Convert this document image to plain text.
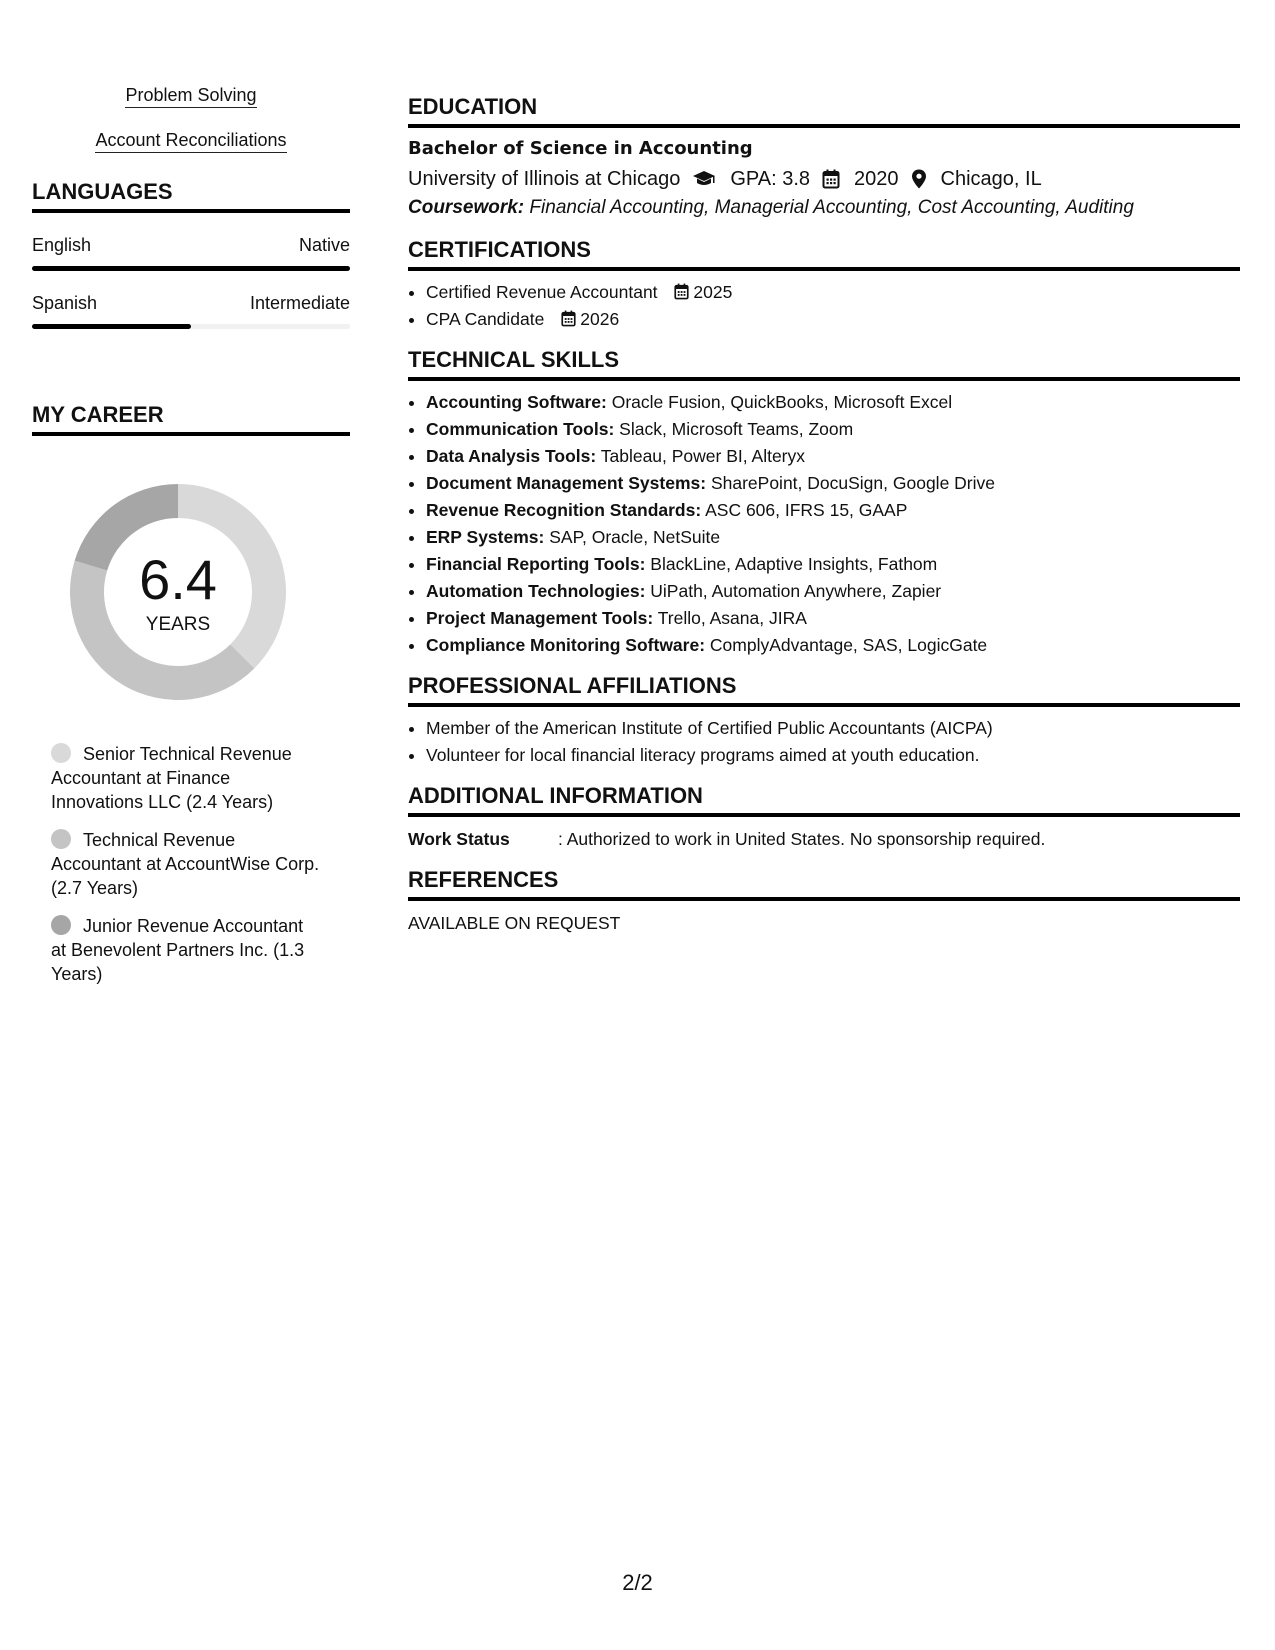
Problem Solving
Account Reconciliations
LANGUAGES
English	Native
Spanish	Intermediate
MY CAREER
6.4
YEARS
Senior Technical Revenue Accountant at Finance Innovations LLC (2.4 Years)
Technical Revenue Accountant at AccountWise Corp. (2.7 Years)
Junior Revenue Accountant at Benevolent Partners Inc. (1.3 Years)
EDUCATION
Bachelor of Science in Accounting
University of Illinois at Chicago	GPA: 3.8 2020 Chicago, IL
Coursework: Financial Accounting, Managerial Accounting, Cost Accounting, Auditing
CERTIFICATIONS
• Certified Revenue Accountant 2025
• CPA Candidate 2026
TECHNICAL SKILLS
• Accounting Software: Oracle Fusion, QuickBooks, Microsoft Excel
• Communication Tools: Slack, Microsoft Teams, Zoom
• Data Analysis Tools: Tableau, Power BI, Alteryx
• Document Management Systems: SharePoint, DocuSign, Google Drive
• Revenue Recognition Standards: ASC 606, IFRS 15, GAAP
• ERP Systems: SAP, Oracle, NetSuite
• Financial Reporting Tools: BlackLine, Adaptive Insights, Fathom
• Automation Technologies: UiPath, Automation Anywhere, Zapier
• Project Management Tools: Trello, Asana, JIRA
• Compliance Monitoring Software: ComplyAdvantage, SAS, LogicGate
PROFESSIONAL AFFILIATIONS
• Member of the American Institute of Certified Public Accountants (AICPA)
• Volunteer for local financial literacy programs aimed at youth education.
ADDITIONAL INFORMATION
Work Status	: Authorized to work in United States. No sponsorship required.
REFERENCES
AVAILABLE ON REQUEST
2/2
